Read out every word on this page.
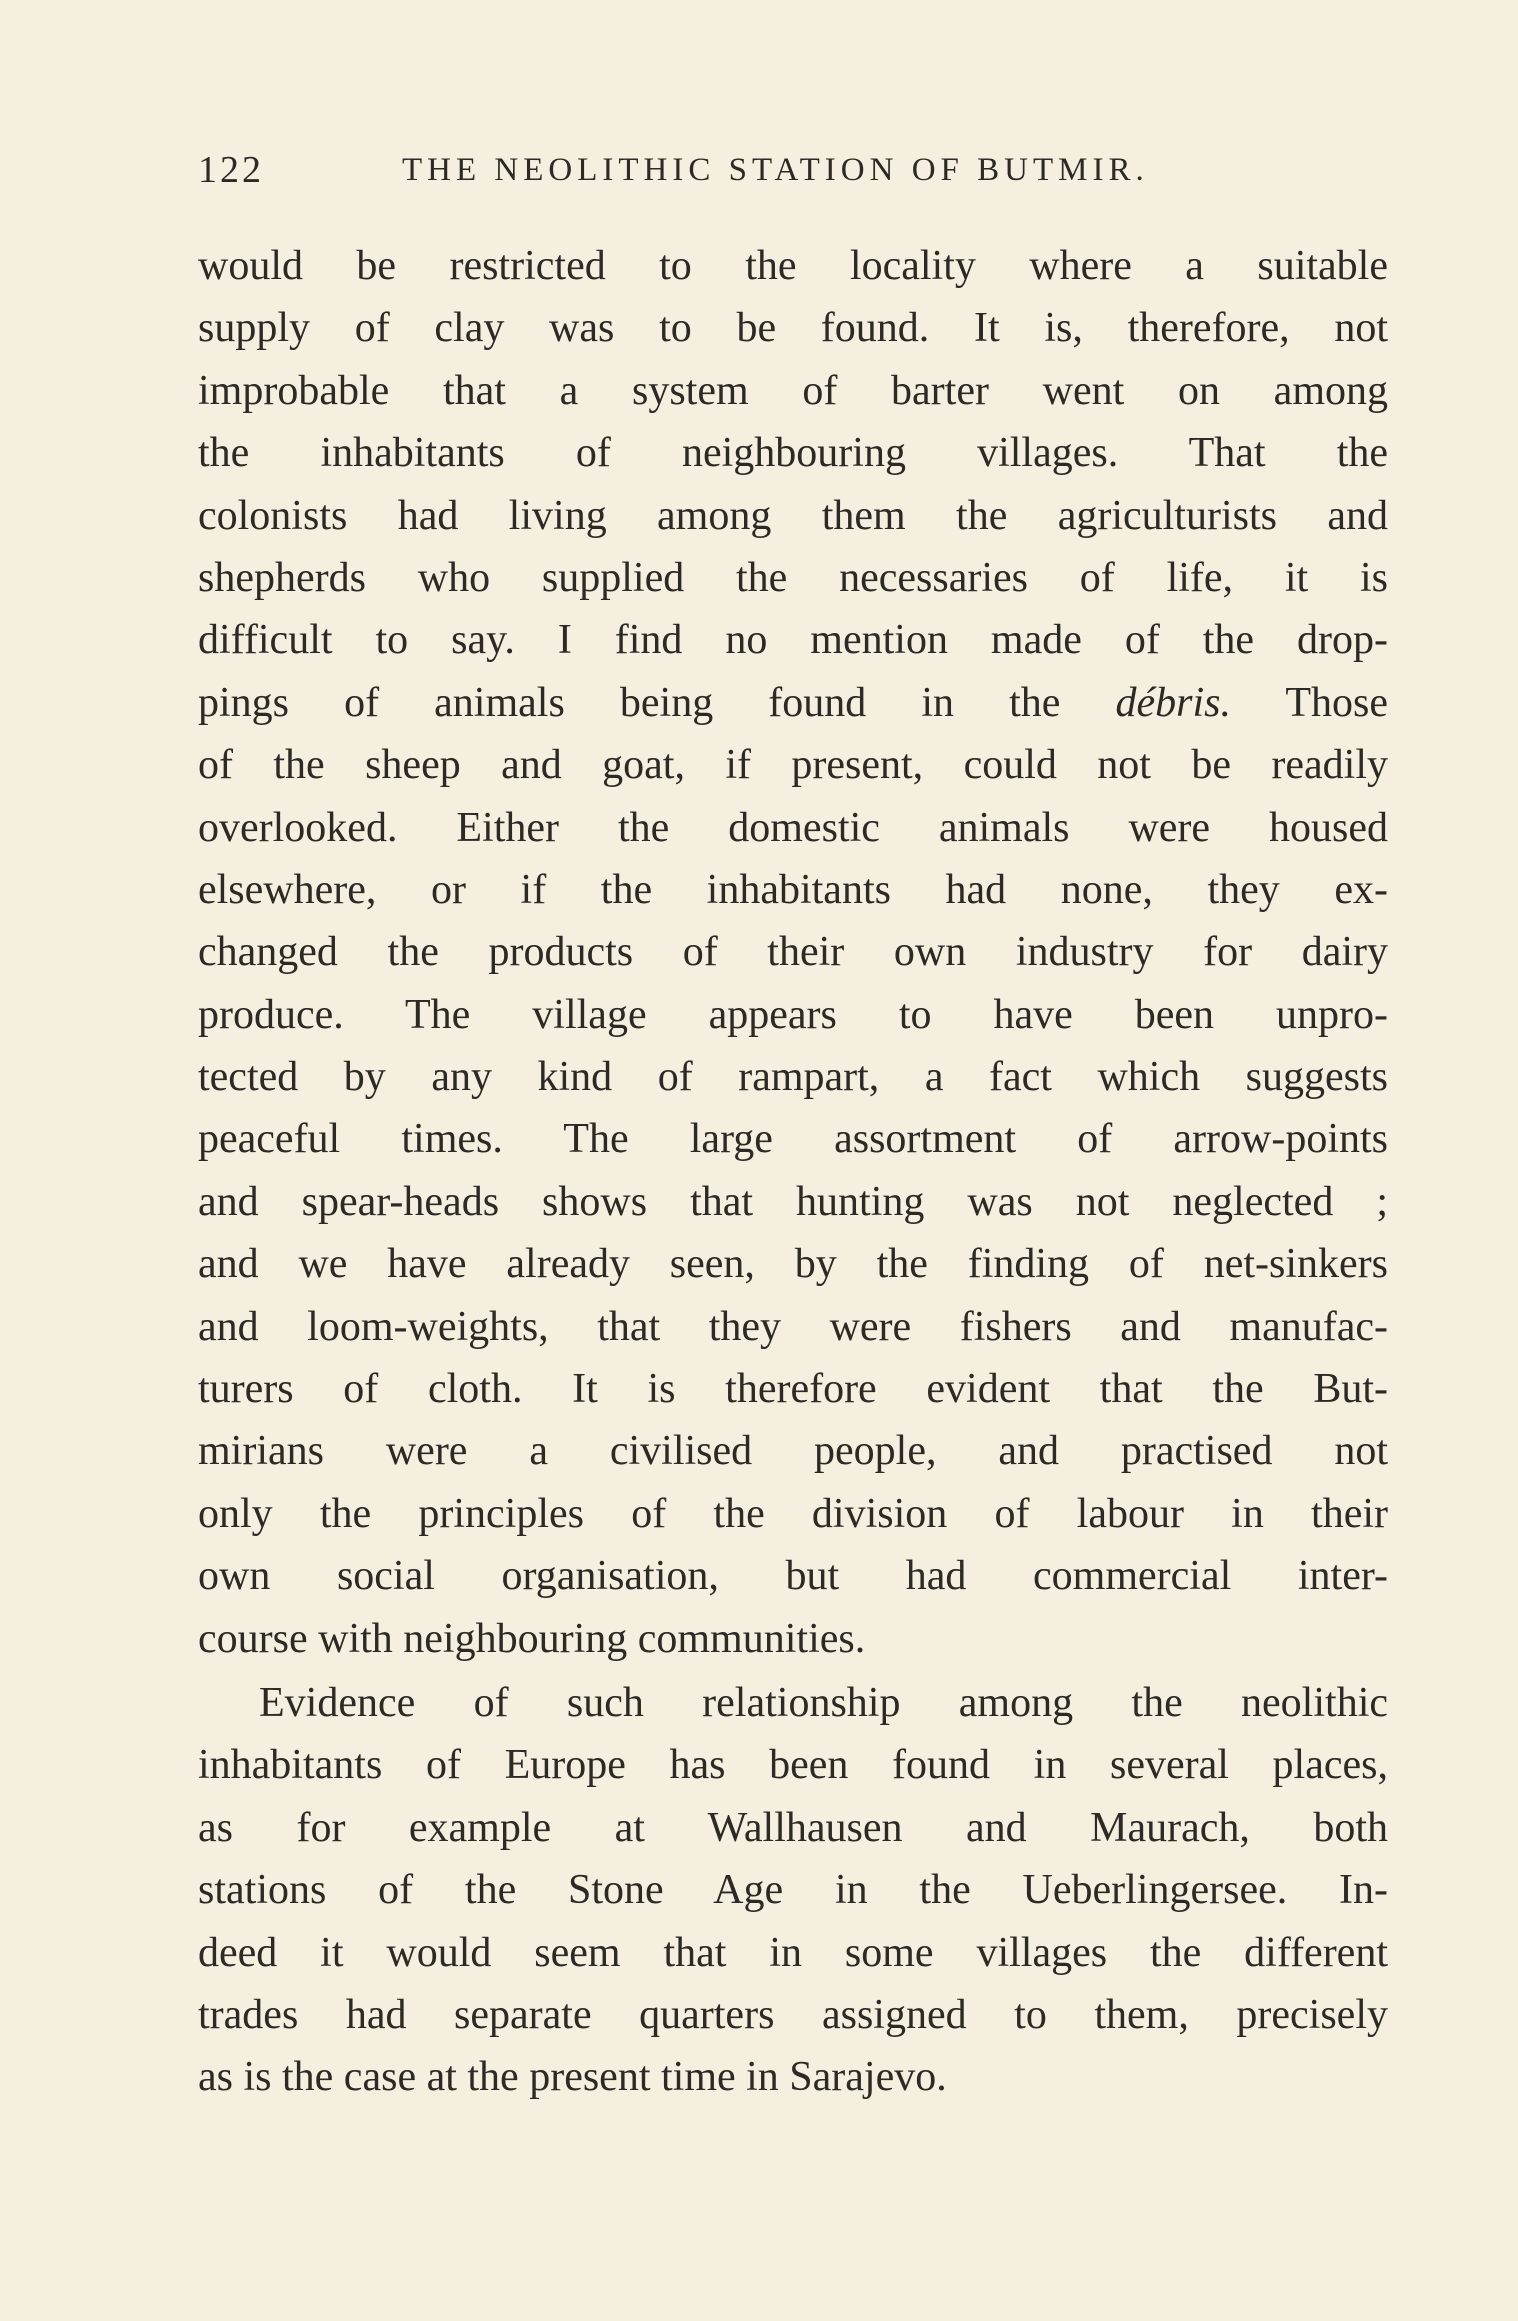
122	THE NEOLITHIC STATION OF BUTMIR.
would be restricted to the locality where a suitable
supply of clay was to be found. It is, therefore, not
improbable that a system of barter went on among
the inhabitants of neighbouring villages. That the
colonists had living among them the agriculturists and
shepherds who supplied the necessaries of life, it is
difficult to say. I find no mention made of the drop-
pings of animals being found in the débris. Those
of the sheep and goat, if present, could not be readily
overlooked. Either the domestic animals were housed
elsewhere, or if the inhabitants had none, they ex-
changed the products of their own industry for dairy
produce. The village appears to have been unpro-
tected by any kind of rampart, a fact which suggests
peaceful times. The large assortment of arrow-points
and spear-heads shows that hunting was not neglected ;
and we have already seen, by the finding of net-sinkers
and loom-weights, that they were fishers and manufac-
turers of cloth. It is therefore evident that the But-
mirians were a civilised people, and practised not
only the principles of the division of labour in their
own social organisation, but had commercial inter-
course with neighbouring communities.
Evidence of such relationship among the neolithic
inhabitants of Europe has been found in several places,
as for example at Wallhausen and Maurach, both
stations of the Stone Age in the Ueberlingersee. In-
deed it would seem that in some villages the different
trades had separate quarters assigned to them, precisely
as is the case at the present time in Sarajevo.
